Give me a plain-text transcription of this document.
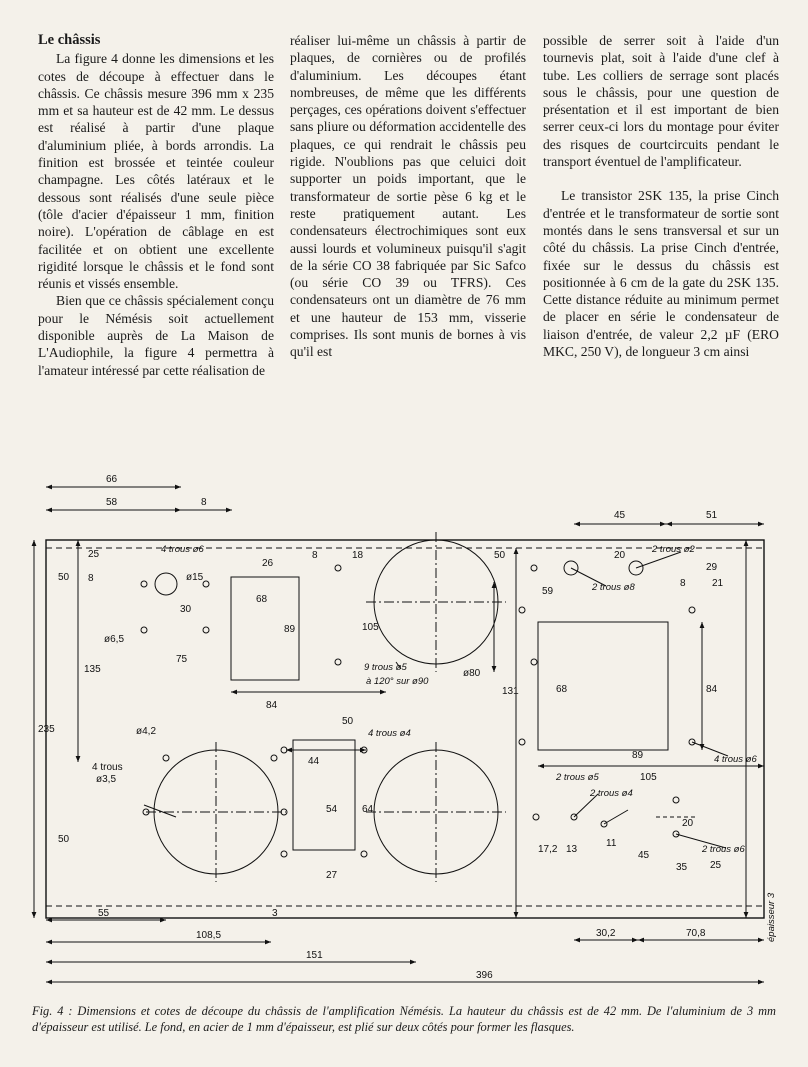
Le châssis

La figure 4 donne les dimensions et les cotes de découpe à effectuer dans le châssis. Ce châssis mesure 396 mm x 235 mm et sa hauteur est de 42 mm. Le dessus est réalisé à partir d'une plaque d'aluminium pliée, à bords arrondis. La finition est brossée et teintée couleur champagne. Les côtés latéraux et le dessous sont réalisés d'une seule pièce (tôle d'acier d'épaisseur 1 mm, finition noire). L'opération de câblage en est facilitée et on obtient une excellente rigidité lorsque le châssis et le fond sont réunis et vissés ensemble.

Bien que ce châssis spécialement conçu pour le Némésis soit actuellement disponible auprès de La Maison de L'Audiophile, la figure 4 permettra à l'amateur intéressé par cette réalisation de

réaliser lui-même un châssis à partir de plaques, de cornières ou de profilés d'aluminium. Les découpes étant nombreuses, de même que les différents perçages, ces opérations doivent s'effectuer sans pliure ou déformation accidentelle des plaques, ce qui rendrait le châssis peu rigide. N'oublions pas que celuici doit supporter un poids important, que le transformateur de sortie pèse 6 kg et le reste pratiquement autant. Les condensateurs électrochimiques sont eux aussi lourds et volumineux puisqu'il s'agit de la série CO 38 fabriquée par Sic Safco (ou série CO 39 ou TFRS). Ces condensateurs ont un diamètre de 76 mm et une hauteur de 153 mm, visserie comprises. Ils sont munis de bornes à vis qu'il est

possible de serrer soit à l'aide d'un tournevis plat, soit à l'aide d'une clef à tube. Les colliers de serrage sont placés sous le châssis, pour une question de présentation et il est important de bien serrer ceux-ci lors du montage pour éviter des risques de courtcircuits pendant le transport éventuel de l'amplificateur.

Le transistor 2SK 135, la prise Cinch d'entrée et le transformateur de sortie sont montés dans le sens transversal et sur un côté du châssis. La prise Cinch d'entrée, fixée sur le dessus du châssis est positionnée à 6 cm de la gate du 2SK 135. Cette distance réduite au minimum permet de placer en série le condensateur de liaison d'entrée, de valeur 2,2 µF (ERO MKC, 250 V), de longueur 3 cm ainsi

66
58	8
25
50 8	ø15
30
ø6,5
75
135
235	ø4,2
4 trous
ø3,5
50
55	3
108,5
151
396
68
89
26
8	18
84
4 trous ø6
105
50
9 trous ø5
à 120° sur ø90
ø80
131
50
4 trous ø4
44
54 64
27
45	51
2 trous ø2
20
29
8	21
2 trous ø8
59
68
89
84
105
4 trous ø6
2 trous ø5
2 trous ø4
20
11
17,2 13
45
35 25
2 trous ø6
30,2	70,8	épaisseur 3
Fig. 4 : Dimensions et cotes de découpe du châssis de l'amplification Némésis. La hauteur du châssis est de 42 mm. De l'aluminium de 3 mm d'épaisseur est utilisé. Le fond, en acier de 1 mm d'épaisseur, est plié sur deux côtés pour former les flasques.
